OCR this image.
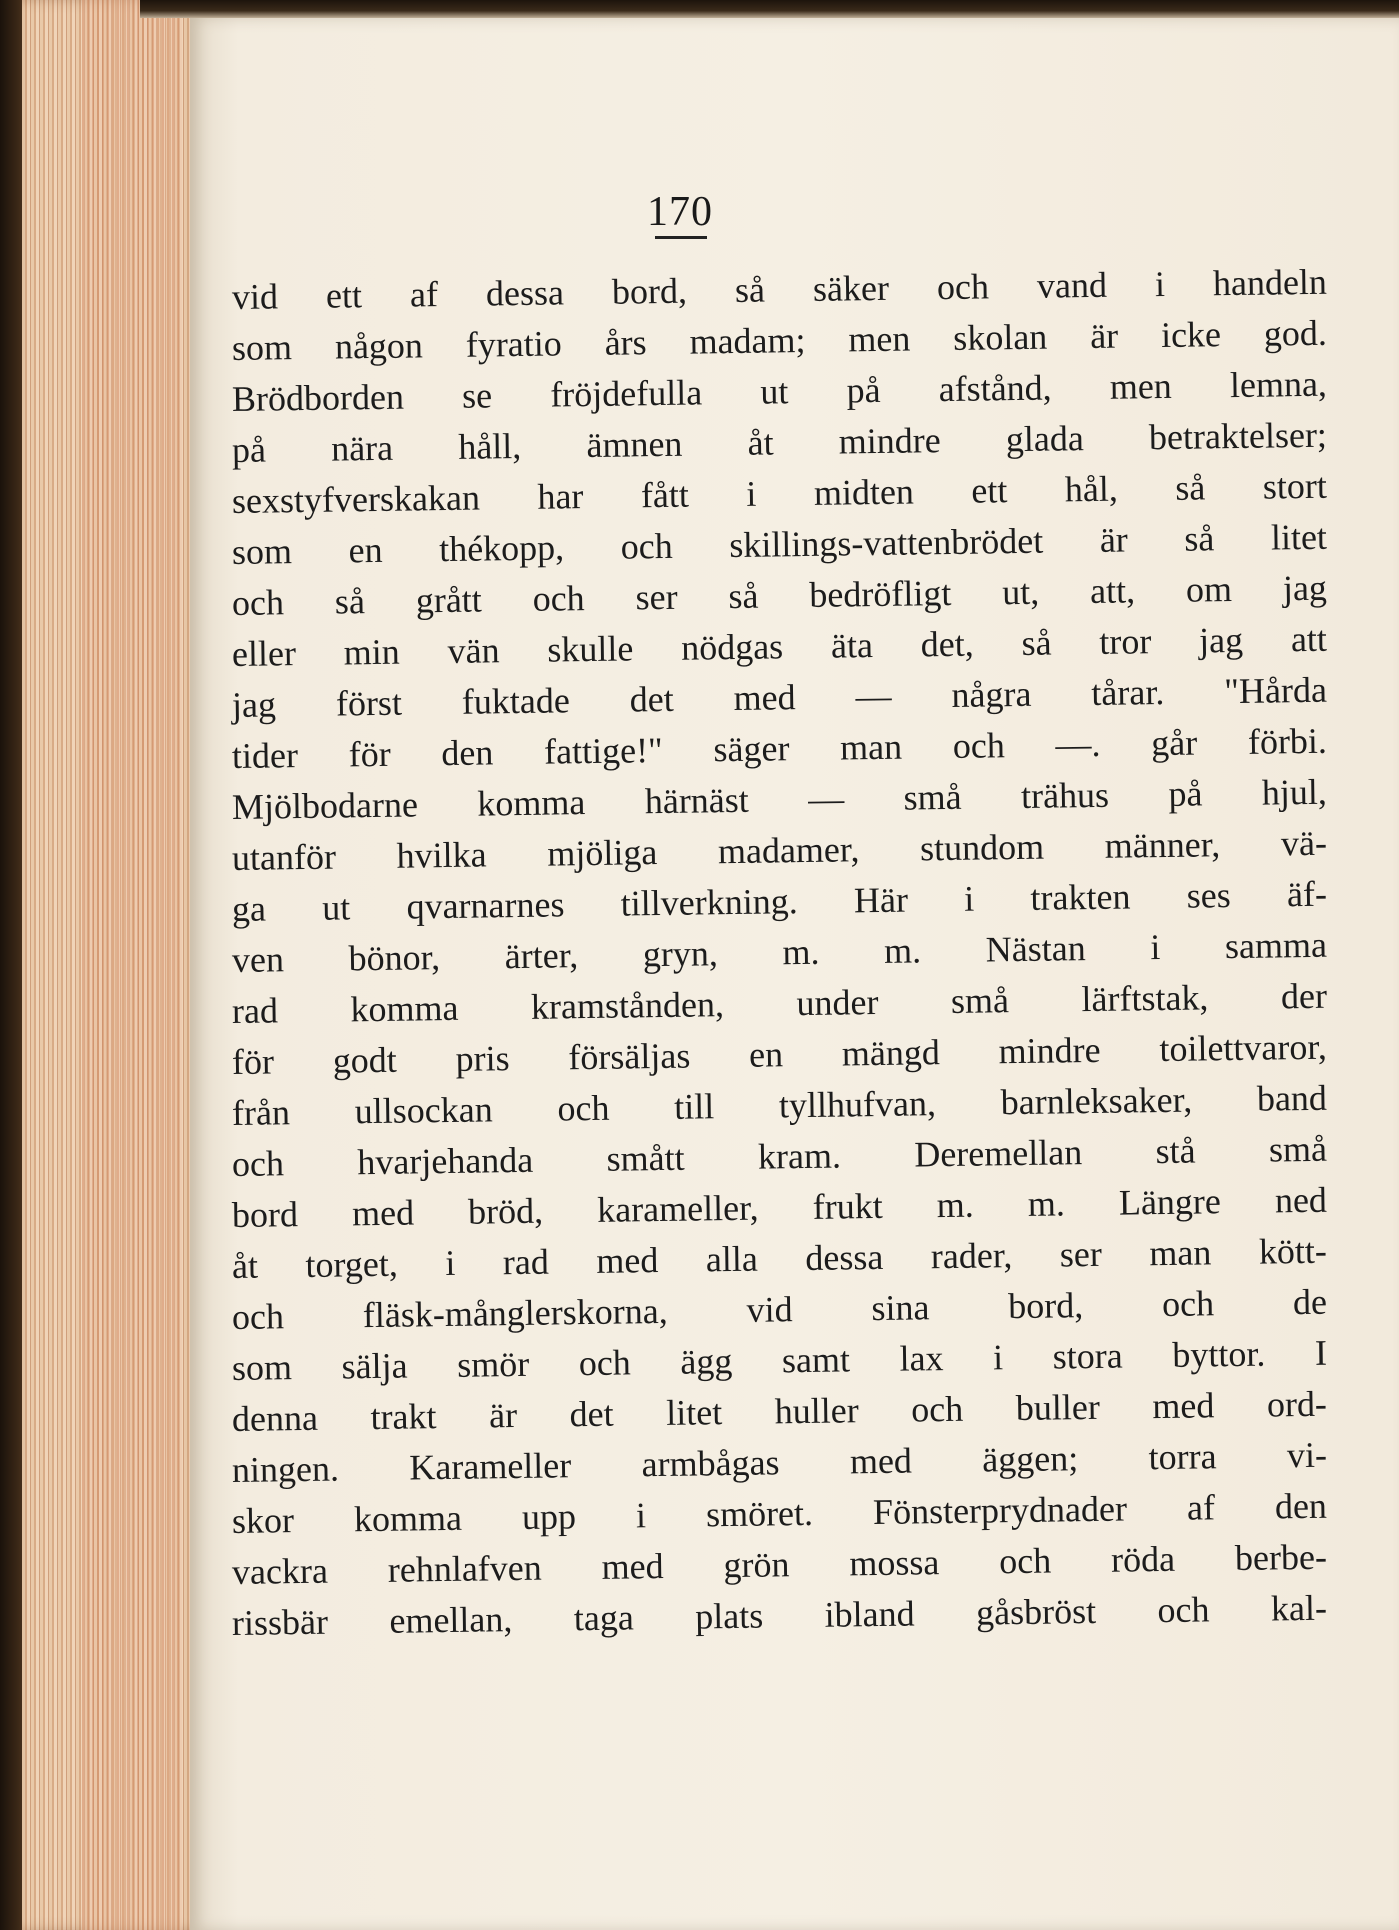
170
vid ett af dessa bord, så säker och vand i handeln
som någon fyratio års madam; men skolan är icke god.
Brödborden se fröjdefulla ut på afstånd, men lemna,
på nära håll, ämnen åt mindre glada betraktelser;
sexstyfverskakan har fått i midten ett hål, så stort
som en thékopp, och skillings-vattenbrödet är så litet
och så grått och ser så bedröfligt ut, att, om jag
eller min vän skulle nödgas äta det, så tror jag att
jag först fuktade det med — några tårar. "Hårda
tider för den fattige!" säger man och —. går förbi.
Mjölbodarne komma härnäst — små trähus på hjul,
utanför hvilka mjöliga madamer, stundom männer, vä-
ga ut qvarnarnes tillverkning. Här i trakten ses äf-
ven bönor, ärter, gryn, m. m. Nästan i samma
rad komma kramstånden, under små lärftstak, der
för godt pris försäljas en mängd mindre toilettvaror,
från ullsockan och till tyllhufvan, barnleksaker, band
och hvarjehanda smått kram. Deremellan stå små
bord med bröd, karameller, frukt m. m. Längre ned
åt torget, i rad med alla dessa rader, ser man kött-
och fläsk-månglerskorna, vid sina bord, och de
som sälja smör och ägg samt lax i stora byttor. I
denna trakt är det litet huller och buller med ord-
ningen. Karameller armbågas med äggen; torra vi-
skor komma upp i smöret. Fönsterprydnader af den
vackra rehnlafven med grön mossa och röda berbe-
rissbär emellan, taga plats ibland gåsbröst och kal-
